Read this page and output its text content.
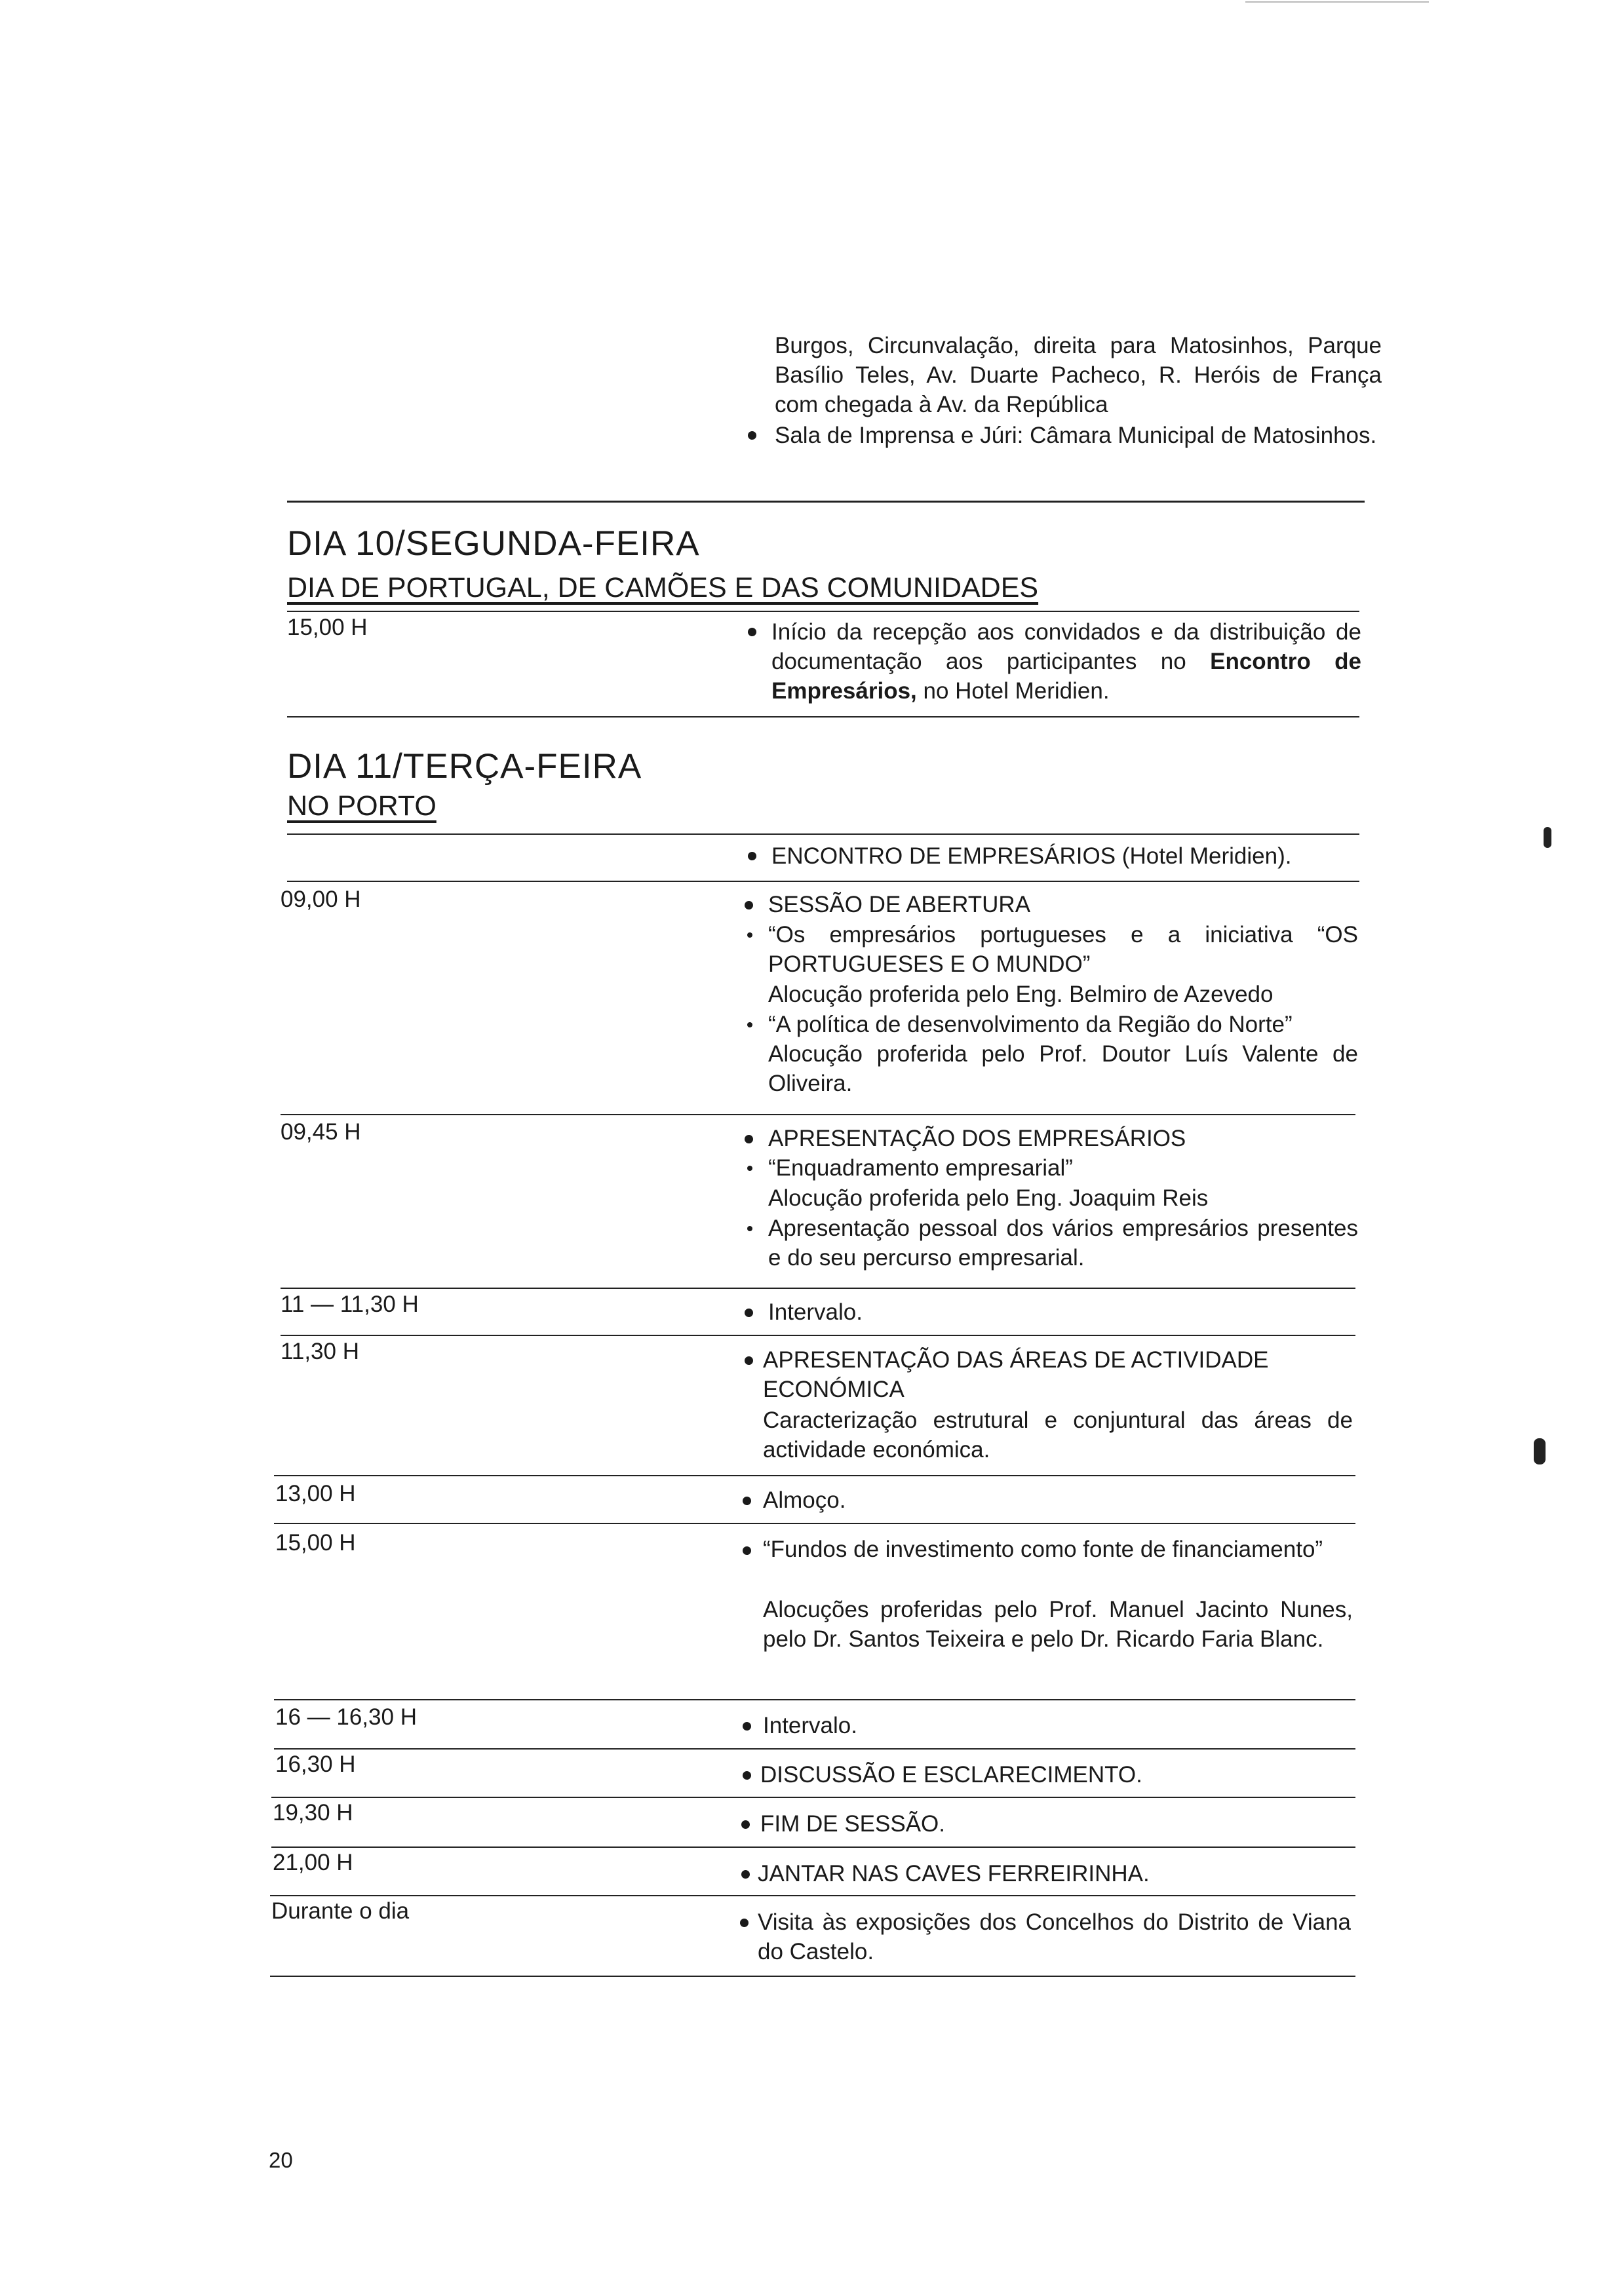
Burgos, Circunvalação, direita para Matosinhos, Parque Basílio Teles, Av. Duarte Pacheco, R. Heróis de França com chegada à Av. da República
Sala de Imprensa e Júri: Câmara Municipal de Matosinhos.
DIA 10/SEGUNDA-FEIRA
DIA DE PORTUGAL, DE CAMÕES E DAS COMUNIDADES
15,00 H	Início da recepção aos convidados e da distribuição de documentação aos participantes no Encontro de Empresários, no Hotel Meridien.
DIA 11/TERÇA-FEIRA
NO PORTO
ENCONTRO DE EMPRESÁRIOS (Hotel Meridien).
09,00 H	SESSÃO DE ABERTURA
“Os empresários portugueses e a iniciativa “OS PORTUGUESES E O MUNDO”
Alocução proferida pelo Eng. Belmiro de Azevedo
“A política de desenvolvimento da Região do Norte”
Alocução proferida pelo Prof. Doutor Luís Valente de Oliveira.
09,45 H	APRESENTAÇÃO DOS EMPRESÁRIOS
“Enquadramento empresarial”
Alocução proferida pelo Eng. Joaquim Reis
Apresentação pessoal dos vários empresários presentes e do seu percurso empresarial.
11 — 11,30 H	Intervalo.
11,30 H	APRESENTAÇÃO DAS ÁREAS DE ACTIVIDADE ECONÓMICA
Caracterização estrutural e conjuntural das áreas de actividade económica.
13,00 H	Almoço.
15,00 H	“Fundos de investimento como fonte de financiamento”
Alocuções proferidas pelo Prof. Manuel Jacinto Nunes, pelo Dr. Santos Teixeira e pelo Dr. Ricardo Faria Blanc.
16 — 16,30 H	Intervalo.
16,30 H	DISCUSSÃO E ESCLARECIMENTO.
19,30 H	FIM DE SESSÃO.
21,00 H	JANTAR NAS CAVES FERREIRINHA.
Durante o dia	Visita às exposições dos Concelhos do Distrito de Viana do Castelo.
20
